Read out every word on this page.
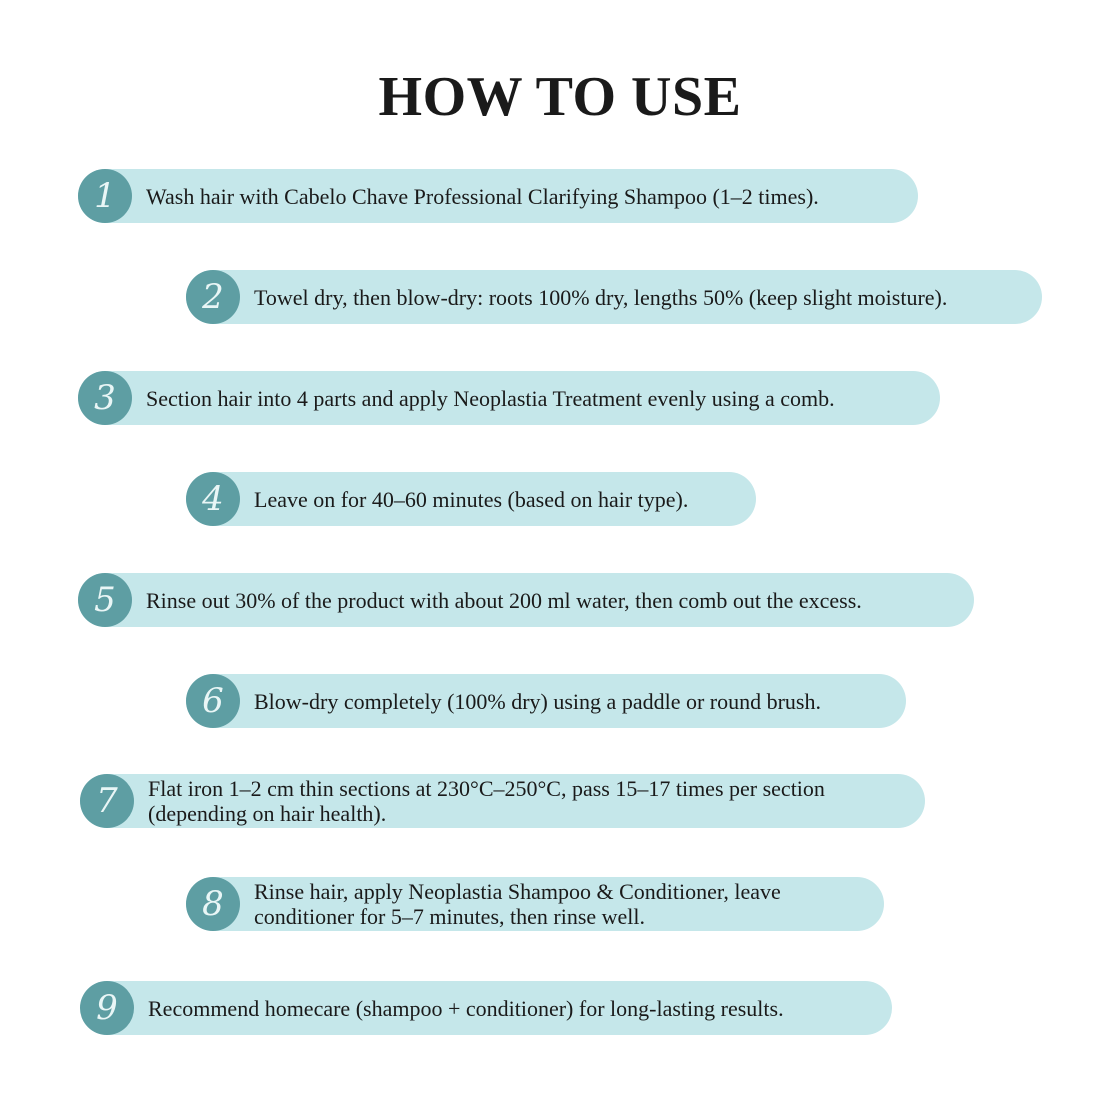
HOW TO USE
1	Wash hair with Cabelo Chave Professional Clarifying Shampoo (1–2 times).
2	Towel dry, then blow-dry: roots 100% dry, lengths 50% (keep slight moisture).
3	Section hair into 4 parts and apply Neoplastia Treatment evenly using a comb.
4	Leave on for 40–60 minutes (based on hair type).
5	Rinse out 30% of the product with about 200 ml water, then comb out the excess.
6	Blow-dry completely (100% dry) using a paddle or round brush.
7	Flat iron 1–2 cm thin sections at 230°C–250°C, pass 15–17 times per section
(depending on hair health).
8	Rinse hair, apply Neoplastia Shampoo & Conditioner, leave
conditioner for 5–7 minutes, then rinse well.
9	Recommend homecare (shampoo + conditioner) for long-lasting results.
